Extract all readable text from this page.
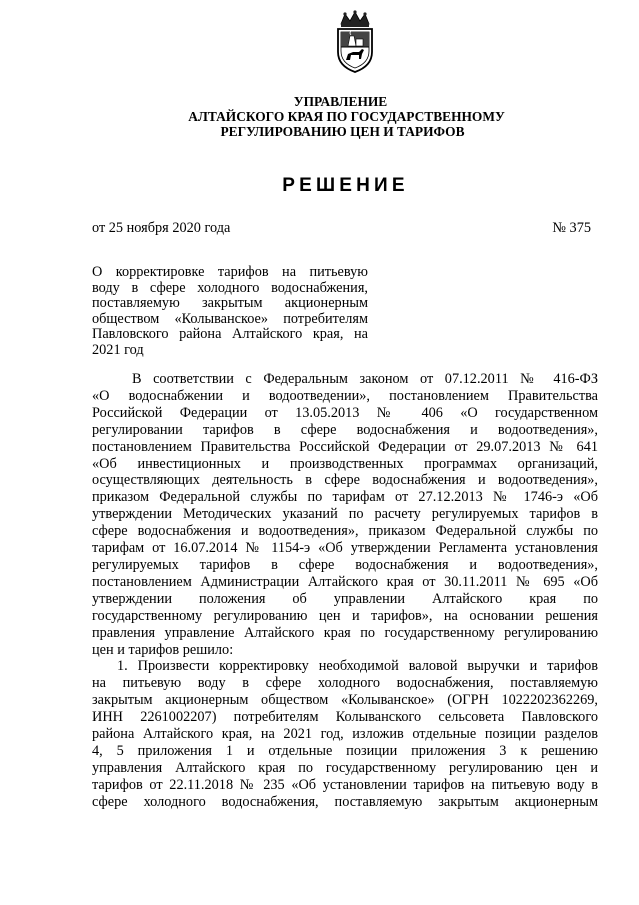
УПРАВЛЕНИЕ
АЛТАЙСКОГО КРАЯ ПО ГОСУДАРСТВЕННОМУ
РЕГУЛИРОВАНИЮ ЦЕН И ТАРИФОВ
РЕШЕНИЕ
от 25 ноября 2020 года	№ 375
О корректировке тарифов на питьевую
воду в сфере холодного водоснабжения,
поставляемую закрытым акционерным
обществом «Колыванское» потребителям
Павловского района Алтайского края, на
2021 год
В соответствии с Федеральным законом от 07.12.2011 № 416-ФЗ
«О водоснабжении и водоотведении», постановлением Правительства
Российской Федерации от 13.05.2013 № 406 «О государственном
регулировании тарифов в сфере водоснабжения и водоотведения»,
постановлением Правительства Российской Федерации от 29.07.2013 № 641
«Об инвестиционных и производственных программах организаций,
осуществляющих деятельность в сфере водоснабжения и водоотведения»,
приказом Федеральной службы по тарифам от 27.12.2013 № 1746-э «Об
утверждении Методических указаний по расчету регулируемых тарифов в
сфере водоснабжения и водоотведения», приказом Федеральной службы по
тарифам от 16.07.2014 № 1154-э «Об утверждении Регламента установления
регулируемых тарифов в сфере водоснабжения и водоотведения»,
постановлением Администрации Алтайского края от 30.11.2011 № 695 «Об
утверждении положения об управлении Алтайского края по
государственному регулированию цен и тарифов», на основании решения
правления управление Алтайского края по государственному регулированию
цен и тарифов решило:
1. Произвести корректировку необходимой валовой выручки и тарифов
на питьевую воду в сфере холодного водоснабжения, поставляемую
закрытым акционерным обществом «Колыванское» (ОГРН 1022202362269,
ИНН 2261002207) потребителям Колыванского сельсовета Павловского
района Алтайского края, на 2021 год, изложив отдельные позиции разделов
4, 5 приложения 1 и отдельные позиции приложения 3 к решению
управления Алтайского края по государственному регулированию цен и
тарифов от 22.11.2018 № 235 «Об установлении тарифов на питьевую воду в
сфере холодного водоснабжения, поставляемую закрытым акционерным
